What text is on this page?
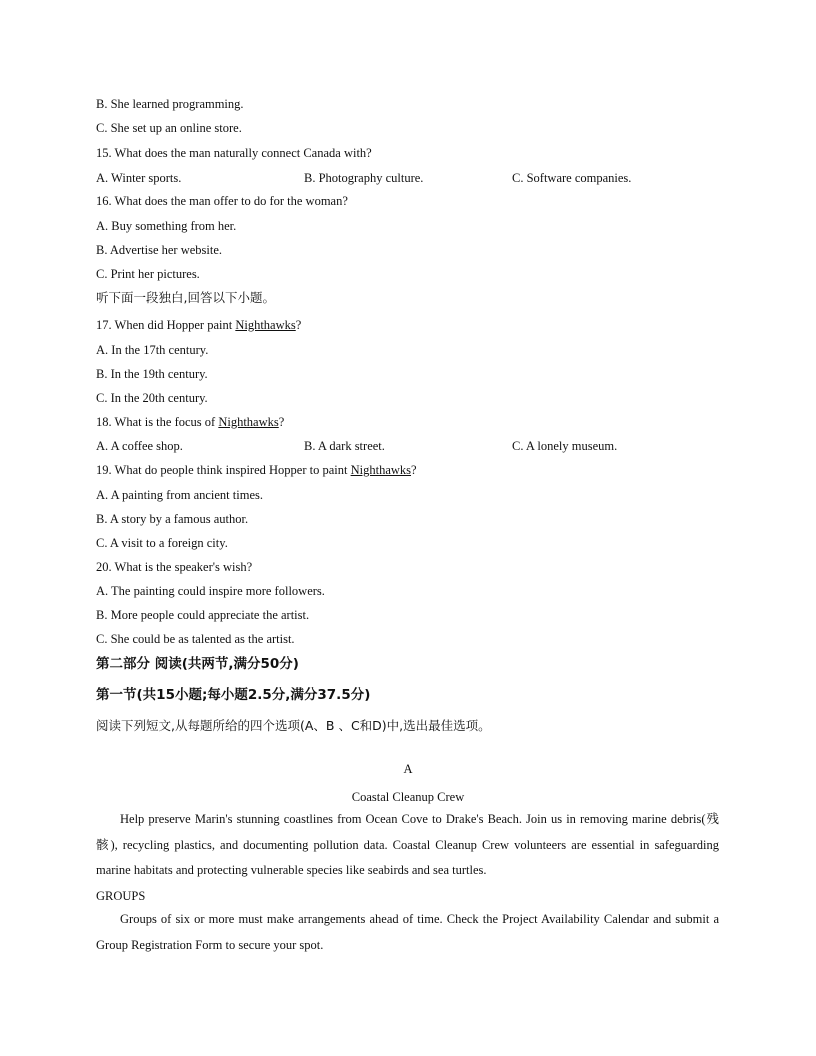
B. She learned programming.
C. She set up an online store.
15. What does the man naturally connect Canada with?
A. Winter sports.	B. Photography culture.	C. Software companies.
16. What does the man offer to do for the woman?
A. Buy something from her.
B. Advertise her website.
C. Print her pictures.
听下面一段独白,回答以下小题。
17. When did Hopper paint Nighthawks?
A. In the 17th century.
B. In the 19th century.
C. In the 20th century.
18. What is the focus of Nighthawks?
A. A coffee shop.	B. A dark street.	C. A lonely museum.
19. What do people think inspired Hopper to paint Nighthawks?
A. A painting from ancient times.
B. A story by a famous author.
C. A visit to a foreign city.
20. What is the speaker's wish?
A. The painting could inspire more followers.
B. More people could appreciate the artist.
C. She could be as talented as the artist.
第二部分 阅读(共两节,满分50分)
第一节(共15小题;每小题2.5分,满分37.5分)
阅读下列短文,从每题所给的四个选项(A、B 、C和D)中,选出最佳选项。
A
Coastal Cleanup Crew
Help preserve Marin's stunning coastlines from Ocean Cove to Drake's Beach. Join us in removing marine debris(残骸), recycling plastics, and documenting pollution data. Coastal Cleanup Crew volunteers are essential in safeguarding marine habitats and protecting vulnerable species like seabirds and sea turtles.
GROUPS
Groups of six or more must make arrangements ahead of time. Check the Project Availability Calendar and submit a Group Registration Form to secure your spot.
